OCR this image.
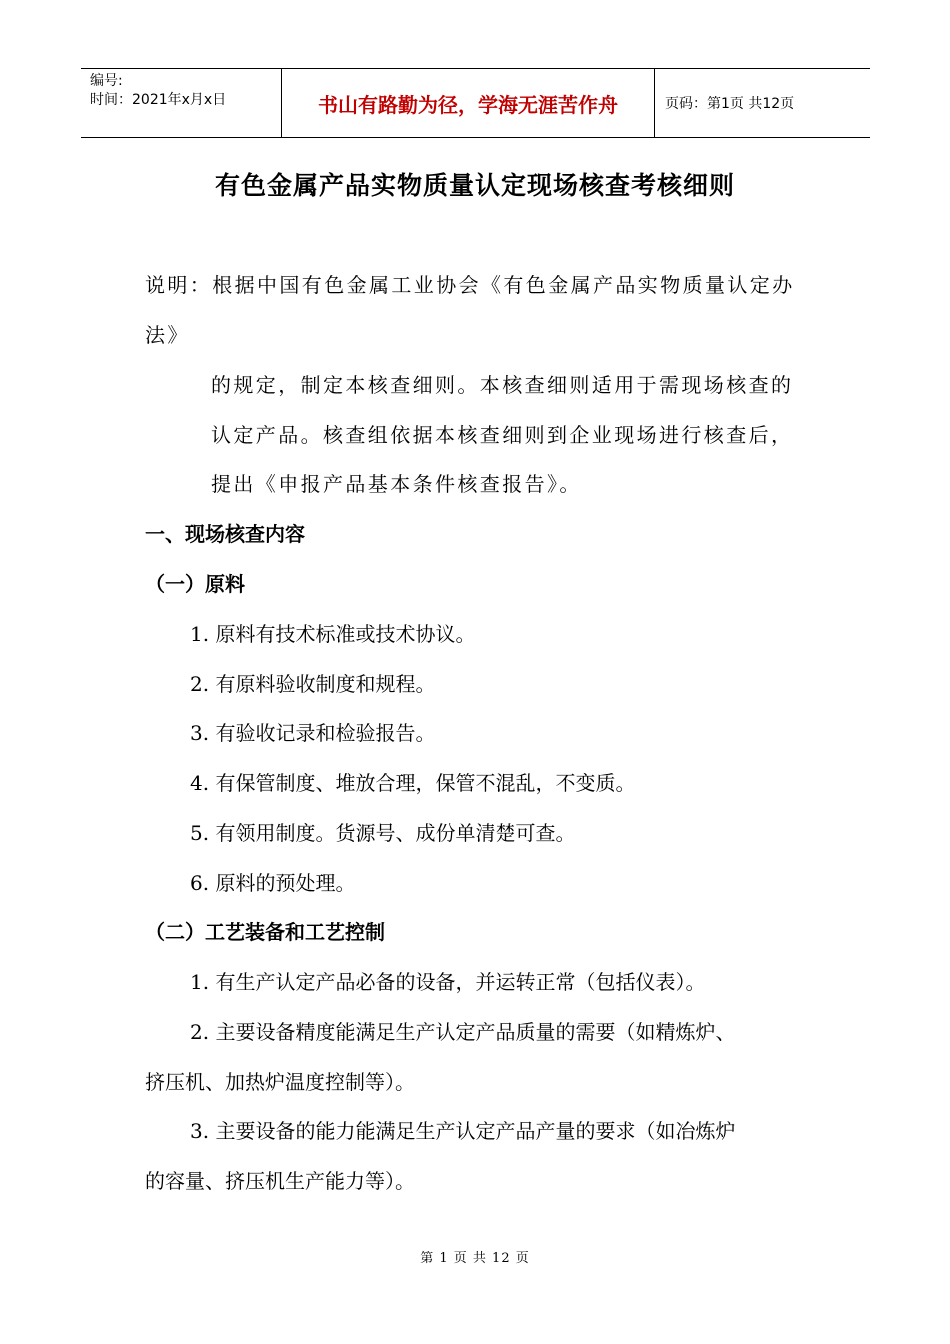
编号:
时间：2021年x月x日	书山有路勤为径，学海无涯苦作舟	页码：第1页 共12页
有色金属产品实物质量认定现场核查考核细则
说明：根据中国有色金属工业协会《有色金属产品实物质量认定办
法》
的规定，制定本核查细则。本核查细则适用于需现场核查的
认定产品。核查组依据本核查细则到企业现场进行核查后，
提出《申报产品基本条件核查报告》。
一、现场核查内容
（一）原料
1. 原料有技术标准或技术协议。
2. 有原料验收制度和规程。
3. 有验收记录和检验报告。
4. 有保管制度、堆放合理，保管不混乱，不变质。
5. 有领用制度。货源号、成份单清楚可查。
6. 原料的预处理。
（二）工艺装备和工艺控制
1. 有生产认定产品必备的设备，并运转正常（包括仪表）。
2. 主要设备精度能满足生产认定产品质量的需要（如精炼炉、
挤压机、加热炉温度控制等）。
3. 主要设备的能力能满足生产认定产品产量的要求（如冶炼炉
的容量、挤压机生产能力等）。
第 1 页 共 12 页
